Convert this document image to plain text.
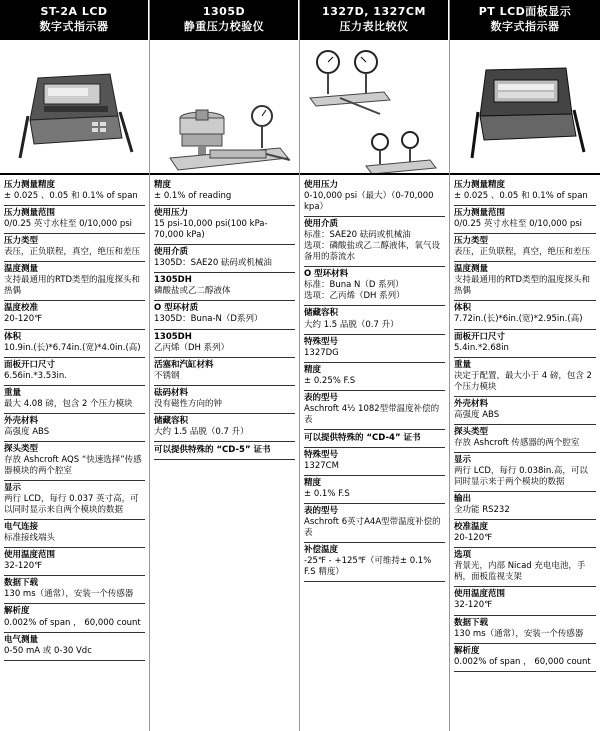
ST-2A LCD
数字式指示器
压力测量精度
± 0.025 、0.05 和 0.1% of span
压力测量范围
0/0.25 英寸水柱至 0/10,000 psi
压力类型
表压，正负联程，真空，绝压和差压
温度测量
支持最通用的RTD类型的温度探头和热偶
温度校准
20-120℉
体积
10.9in.(长)*6.74in.(宽)*4.0in.(高)
面板开口尺寸
6.56in.*3.53in.
重量
最大 4.08 磅，包含 2 个压力模块
外壳材料
高强度 ABS
探头类型
存放 Ashcroft AQS “快速选择”传感器模块的两个腔室
显示
两行 LCD，每行 0.037 英寸高，可以同时显示来自两个模块的数据
电气连接
标准接线端头
使用温度范围
32-120℉
数据下载
130 ms（通常），安装一个传感器
解析度
0.002% of span ， 60,000 count
电气测量
0-50 mA 或 0-30 Vdc
1305D
静重压力校验仪
精度
± 0.1% of reading
使用压力
15 psi-10,000 psi(100 kPa-70,000 kPa)
使用介质
1305D：SAE20 砝码或机械油
1305DH
磷酸盐或乙二醇液体
O 型环材质
1305D：Buna-N（D系列）
1305DH
乙丙烯（DH 系列）
活塞和汽缸材料
不锈钢
砝码材料
没有磁性方向的钟
储藏容积
大约 1.5 品脱（0.7 升）
可以提供特殊的 “CD-5” 证书
1327D, 1327CM
压力表比较仪
使用压力
0-10,000 psi（最大）（0-70,000 kpa）
使用介质
标准：SAE20 砝码或机械油
选项：磷酸盐或乙二醇液体，氧气设备用的萘流水
O 型环材料
标准：Buna N（D 系列）
选项：乙丙烯（DH 系列）
储藏容积
大约 1.5 品脱（0.7 升）
特殊型号
1327DG
精度
± 0.25% F.S
表的型号
Aschroft 4½ 1082型带温度补偿的表
可以提供特殊的 “CD-4” 证书
特殊型号
1327CM
精度
± 0.1% F.S
表的型号
Aschroft 6英寸A4A型带温度补偿的表
补偿温度
-25℉ - +125℉（可维持± 0.1% F.S 精度）
PT LCD面板显示
数字式指示器
压力测量精度
± 0.025 、0.05 和 0.1% of span
压力测量范围
0/0.25 英寸水柱至 0/10,000 psi
压力类型
表压，正负联程，真空，绝压和差压
温度测量
支持最通用的RTD类型的温度探头和热偶
体积
7.72in.(长)*6in.(宽)*2.95in.(高)
面板开口尺寸
5.4in.*2.68in
重量
决定于配置，最大小于 4 磅，包含 2 个压力模块
外壳材料
高强度 ABS
探头类型
存放 Ashcroft 传感器的两个腔室
显示
两行 LCD，每行 0.038in.高，可以同时显示来于两个模块的数据
输出
全功能 RS232
校准温度
20-120℉
选项
背景光，内部 Nicad 充电电池，手柄，面板监视支架
使用温度范围
32-120℉
数据下载
130 ms（通常），安装一个传感器
解析度
0.002% of span ， 60,000 count
